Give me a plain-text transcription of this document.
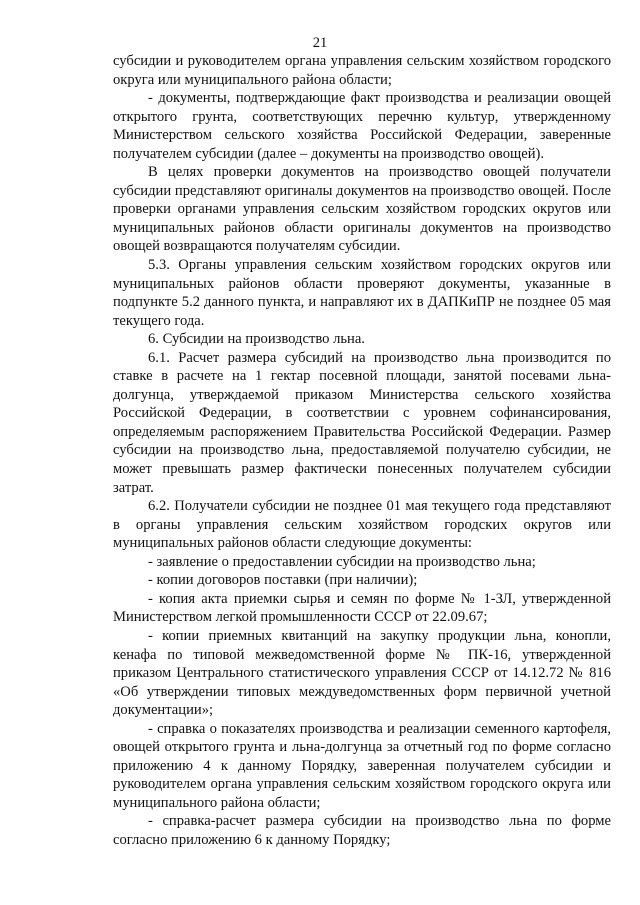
21

субсидии и руководителем органа управления сельским хозяйством городского округа или муниципального района области;

- документы, подтверждающие факт производства и реализации овощей открытого грунта, соответствующих перечню культур, утвержденному Министерством сельского хозяйства Российской Федерации, заверенные получателем субсидии (далее – документы на производство овощей).

В целях проверки документов на производство овощей получатели субсидии представляют оригиналы документов на производство овощей. После проверки органами управления сельским хозяйством городских округов или муниципальных районов области оригиналы документов на производство овощей возвращаются получателям субсидии.

5.3. Органы управления сельским хозяйством городских округов или муниципальных районов области проверяют документы, указанные в подпункте 5.2 данного пункта, и направляют их в ДАПКиПР не позднее 05 мая текущего года.

6. Субсидии на производство льна.

6.1. Расчет размера субсидий на производство льна производится по ставке в расчете на 1 гектар посевной площади, занятой посевами льна-долгунца, утверждаемой приказом Министерства сельского хозяйства Российской Федерации, в соответствии с уровнем софинансирования, определяемым распоряжением Правительства Российской Федерации. Размер субсидии на производство льна, предоставляемой получателю субсидии, не может превышать размер фактически понесенных получателем субсидии затрат.

6.2. Получатели субсидии не позднее 01 мая текущего года представляют в органы управления сельским хозяйством городских округов или муниципальных районов области следующие документы:

- заявление о предоставлении субсидии на производство льна;

- копии договоров поставки (при наличии);

- копия акта приемки сырья и семян по форме № 1-ЗЛ, утвержденной Министерством легкой промышленности СССР от 22.09.67;

- копии приемных квитанций на закупку продукции льна, конопли, кенафа по типовой межведомственной форме № ПК-16, утвержденной приказом Центрального статистического управления СССР от 14.12.72 № 816 «Об утверждении типовых междуведомственных форм первичной учетной документации»;

- справка о показателях производства и реализации семенного картофеля, овощей открытого грунта и льна-долгунца за отчетный год по форме согласно приложению 4 к данному Порядку, заверенная получателем субсидии и руководителем органа управления сельским хозяйством городского округа или муниципального района области;

- справка-расчет размера субсидии на производство льна по форме согласно приложению 6 к данному Порядку;
